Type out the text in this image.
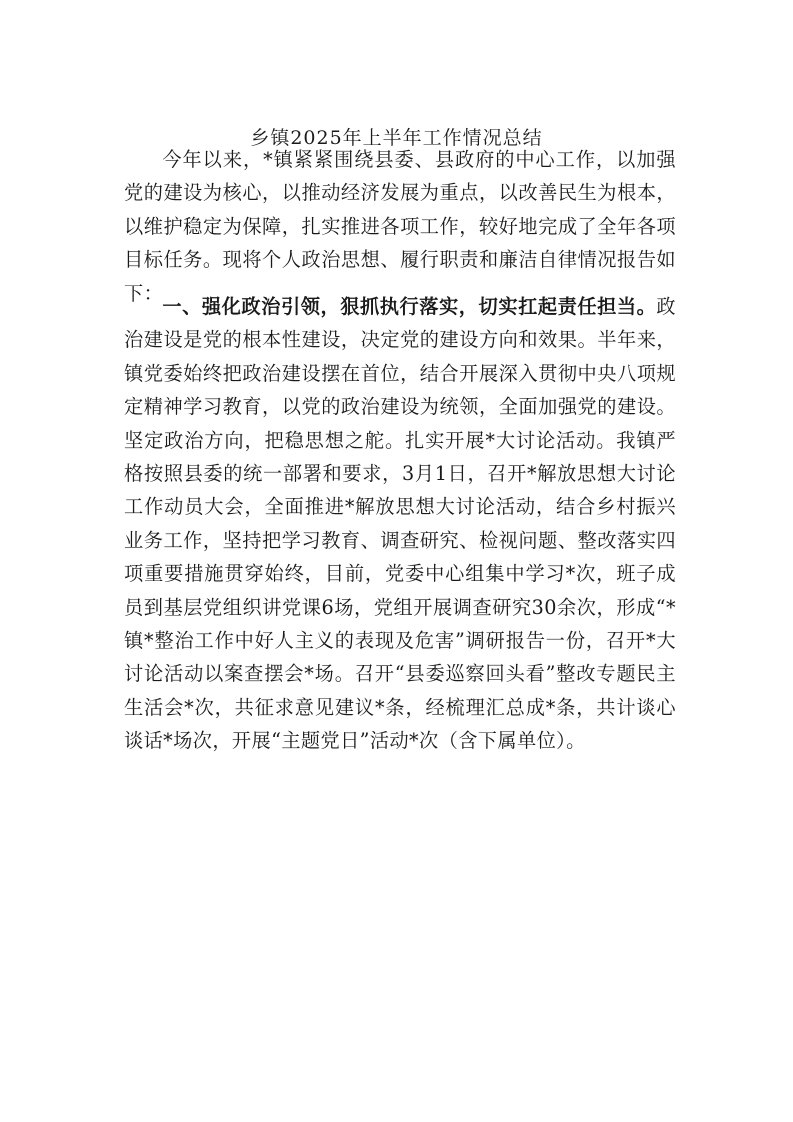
乡镇2025年上半年工作情况总结

今年以来，*镇紧紧围绕县委、县政府的中心工作，以加强党的建设为核心，以推动经济发展为重点，以改善民生为根本，以维护稳定为保障，扎实推进各项工作，较好地完成了全年各项目标任务。现将个人政治思想、履行职责和廉洁自律情况报告如下：

一、强化政治引领，狠抓执行落实，切实扛起责任担当。政治建设是党的根本性建设，决定党的建设方向和效果。半年来，镇党委始终把政治建设摆在首位，结合开展深入贯彻中央八项规定精神学习教育，以党的政治建设为统领，全面加强党的建设。坚定政治方向，把稳思想之舵。扎实开展*大讨论活动。我镇严格按照县委的统一部署和要求，3月1日，召开*解放思想大讨论工作动员大会，全面推进*解放思想大讨论活动，结合乡村振兴业务工作，坚持把学习教育、调查研究、检视问题、整改落实四项重要措施贯穿始终，目前，党委中心组集中学习*次，班子成员到基层党组织讲党课6场，党组开展调查研究30余次，形成“*镇*整治工作中好人主义的表现及危害”调研报告一份，召开*大讨论活动以案查摆会*场。召开“县委巡察回头看”整改专题民主生活会*次，共征求意见建议*条，经梳理汇总成*条，共计谈心谈话*场次，开展“主题党日”活动*次（含下属单位）。
